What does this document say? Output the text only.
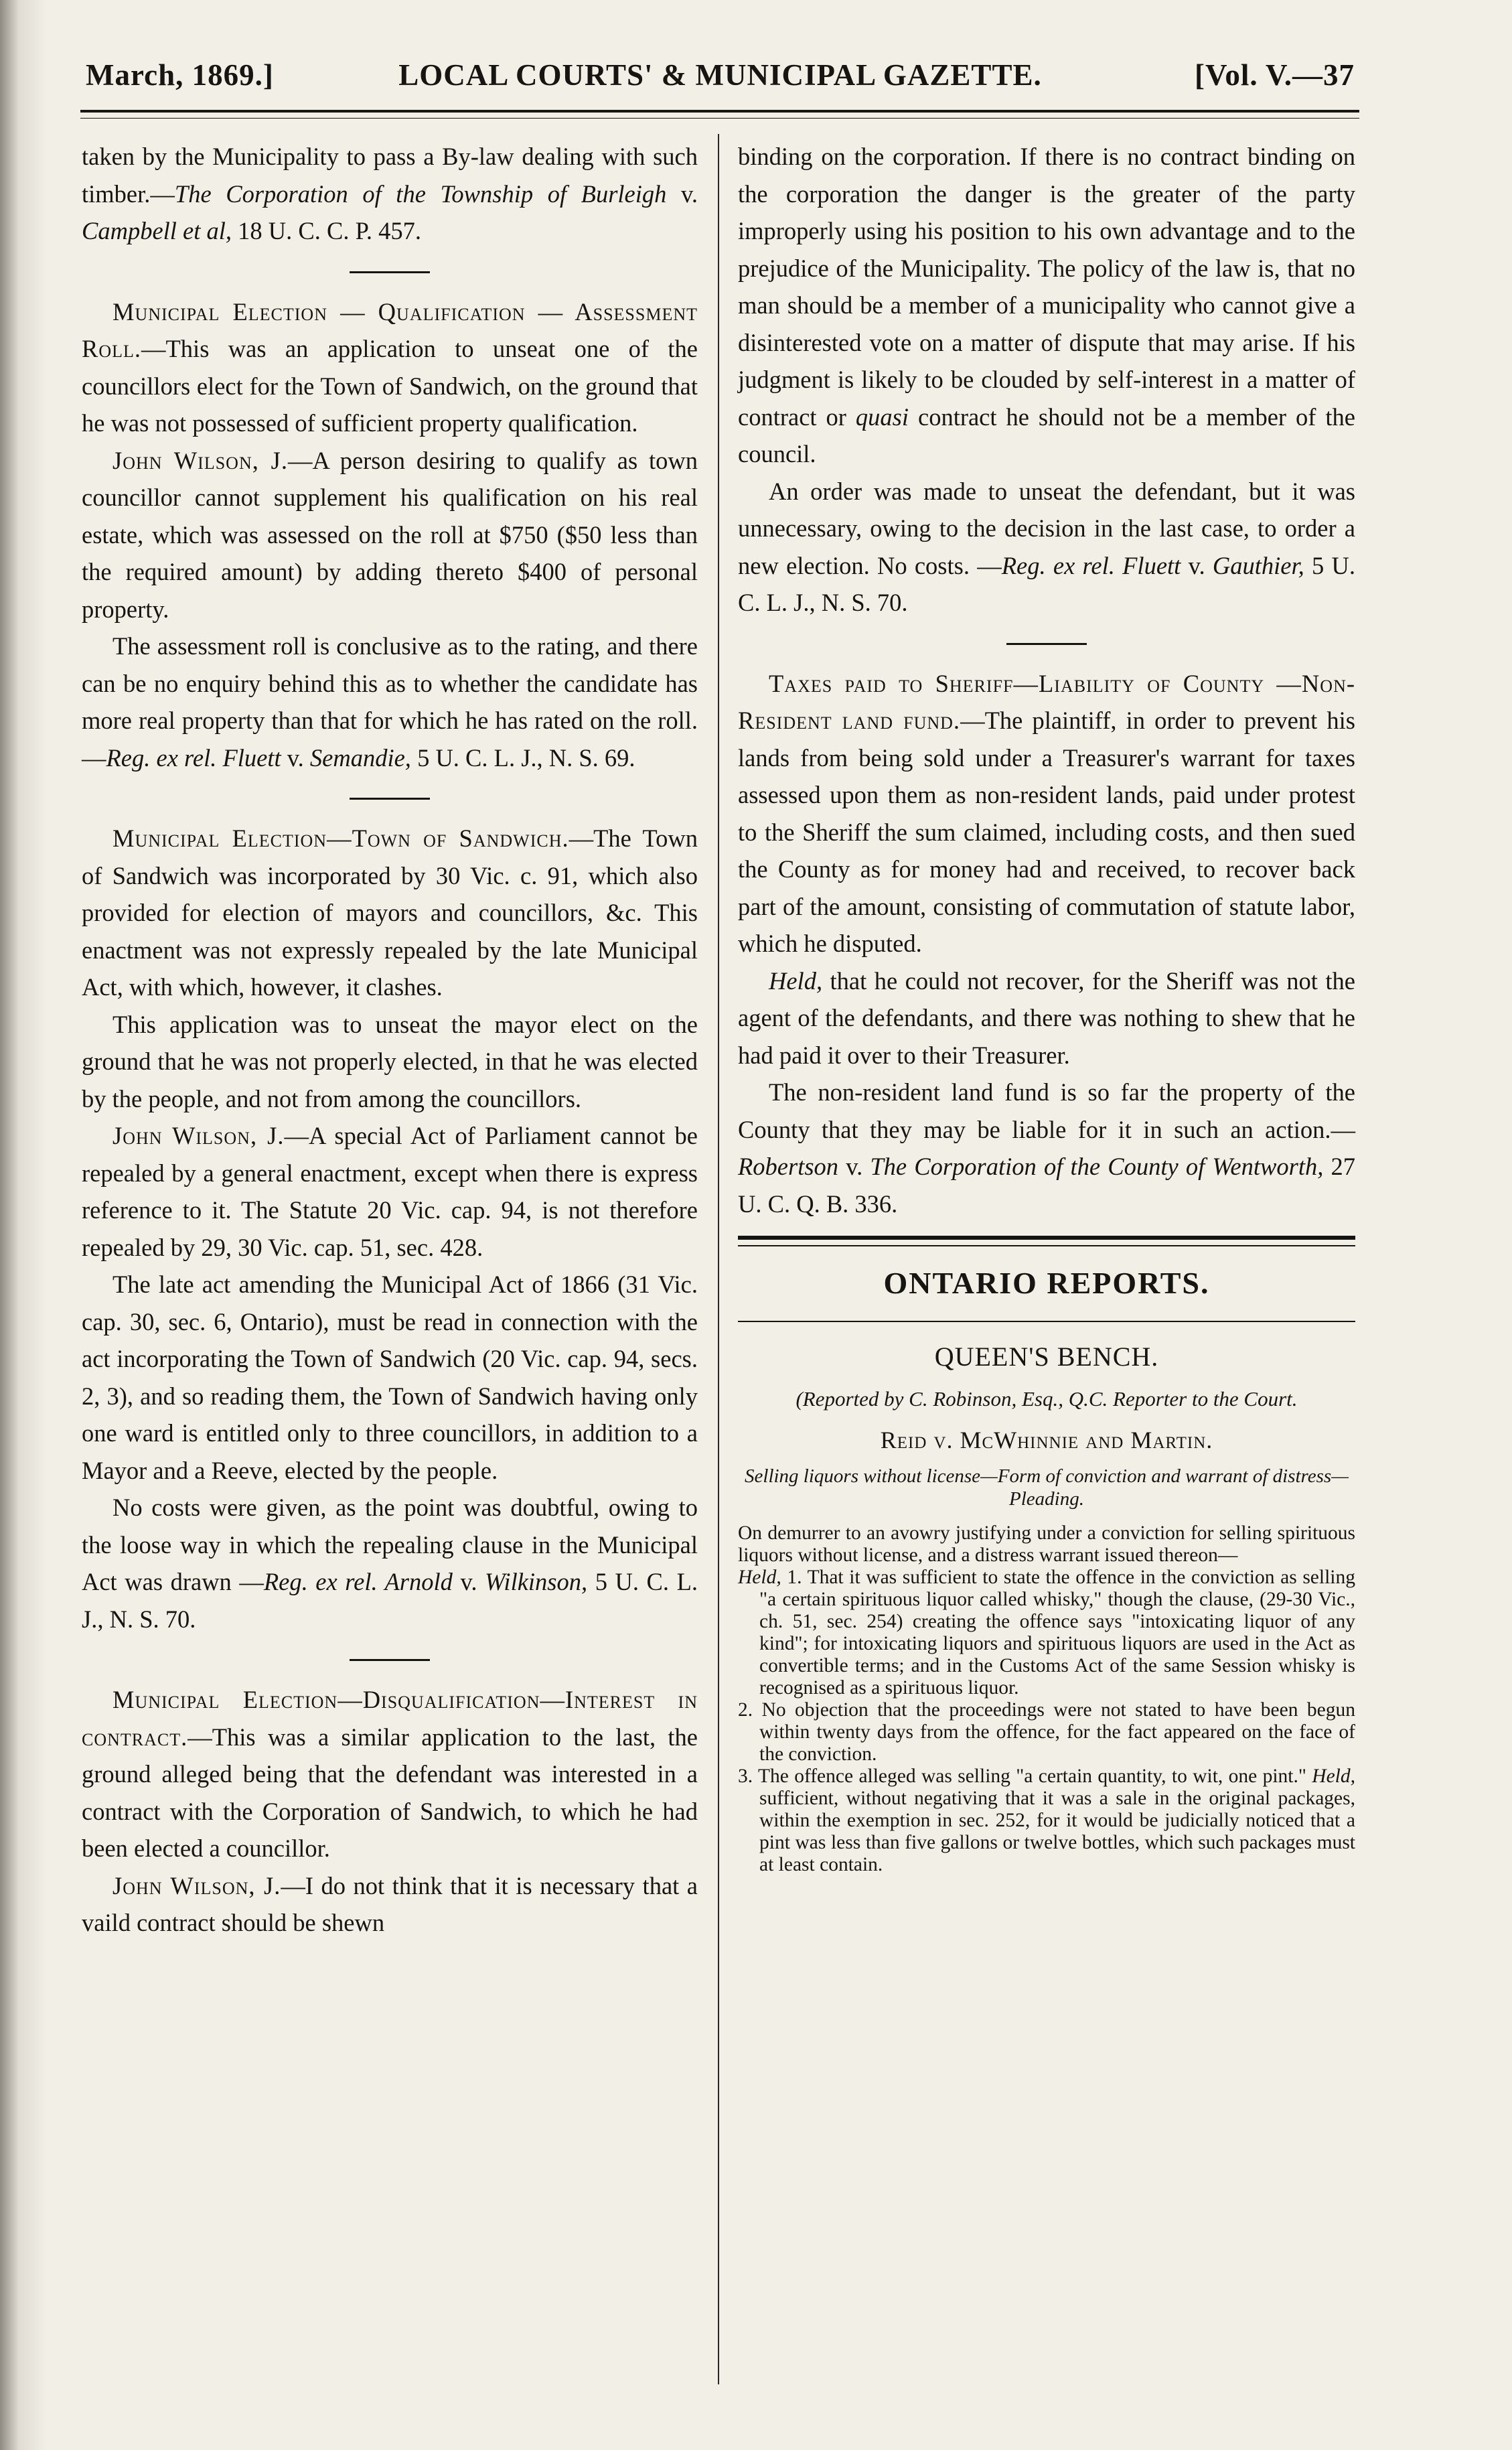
March, 1869.]	LOCAL COURTS' & MUNICIPAL GAZETTE.	[Vol. V.—37

taken by the Municipality to pass a By-law dealing with such timber.—The Corporation of the Township of Burleigh v. Campbell et al, 18 U. C. C. P. 457.

Municipal Election — Qualification — Assessment Roll.—This was an application to unseat one of the councillors elect for the Town of Sandwich, on the ground that he was not possessed of sufficient property qualification.

John Wilson, J.—A person desiring to qualify as town councillor cannot supplement his qualification on his real estate, which was assessed on the roll at $750 ($50 less than the required amount) by adding thereto $400 of personal property.

The assessment roll is conclusive as to the rating, and there can be no enquiry behind this as to whether the candidate has more real property than that for which he has rated on the roll.—Reg. ex rel. Fluett v. Semandie, 5 U. C. L. J., N. S. 69.

Municipal Election—Town of Sandwich.—The Town of Sandwich was incorporated by 30 Vic. c. 91, which also provided for election of mayors and councillors, &c. This enactment was not expressly repealed by the late Municipal Act, with which, however, it clashes.

This application was to unseat the mayor elect on the ground that he was not properly elected, in that he was elected by the people, and not from among the councillors.

John Wilson, J.—A special Act of Parliament cannot be repealed by a general enactment, except when there is express reference to it. The Statute 20 Vic. cap. 94, is not therefore repealed by 29, 30 Vic. cap. 51, sec. 428.

The late act amending the Municipal Act of 1866 (31 Vic. cap. 30, sec. 6, Ontario), must be read in connection with the act incorporating the Town of Sandwich (20 Vic. cap. 94, secs. 2, 3), and so reading them, the Town of Sandwich having only one ward is entitled only to three councillors, in addition to a Mayor and a Reeve, elected by the people.

No costs were given, as the point was doubtful, owing to the loose way in which the repealing clause in the Municipal Act was drawn —Reg. ex rel. Arnold v. Wilkinson, 5 U. C. L. J., N. S. 70.

Municipal Election—Disqualification—Interest in contract.—This was a similar application to the last, the ground alleged being that the defendant was interested in a contract with the Corporation of Sandwich, to which he had been elected a councillor.

John Wilson, J.—I do not think that it is necessary that a vaild contract should be shewn

binding on the corporation. If there is no contract binding on the corporation the danger is the greater of the party improperly using his position to his own advantage and to the prejudice of the Municipality. The policy of the law is, that no man should be a member of a municipality who cannot give a disinterested vote on a matter of dispute that may arise. If his judgment is likely to be clouded by self-interest in a matter of contract or quasi contract he should not be a member of the council.

An order was made to unseat the defendant, but it was unnecessary, owing to the decision in the last case, to order a new election. No costs. —Reg. ex rel. Fluett v. Gauthier, 5 U. C. L. J., N. S. 70.

Taxes paid to Sheriff—Liability of County —Non-Resident land fund.—The plaintiff, in order to prevent his lands from being sold under a Treasurer's warrant for taxes assessed upon them as non-resident lands, paid under protest to the Sheriff the sum claimed, including costs, and then sued the County as for money had and received, to recover back part of the amount, consisting of commutation of statute labor, which he disputed.

Held, that he could not recover, for the Sheriff was not the agent of the defendants, and there was nothing to shew that he had paid it over to their Treasurer.

The non-resident land fund is so far the property of the County that they may be liable for it in such an action.—Robertson v. The Corporation of the County of Wentworth, 27 U. C. Q. B. 336.

ONTARIO REPORTS.
QUEEN'S BENCH.
(Reported by C. Robinson, Esq., Q.C. Reporter to the Court.
Reid v. McWhinnie and Martin.
Selling liquors without license—Form of conviction and warrant of distress—Pleading.

On demurrer to an avowry justifying under a conviction for selling spirituous liquors without license, and a distress warrant issued thereon—

Held, 1. That it was sufficient to state the offence in the conviction as selling "a certain spirituous liquor called whisky," though the clause, (29-30 Vic., ch. 51, sec. 254) creating the offence says "intoxicating liquor of any kind"; for intoxicating liquors and spirituous liquors are used in the Act as convertible terms; and in the Customs Act of the same Session whisky is recognised as a spirituous liquor.

2. No objection that the proceedings were not stated to have been begun within twenty days from the offence, for the fact appeared on the face of the conviction.

3. The offence alleged was selling "a certain quantity, to wit, one pint." Held, sufficient, without negativing that it was a sale in the original packages, within the exemption in sec. 252, for it would be judicially noticed that a pint was less than five gallons or twelve bottles, which such packages must at least contain.
